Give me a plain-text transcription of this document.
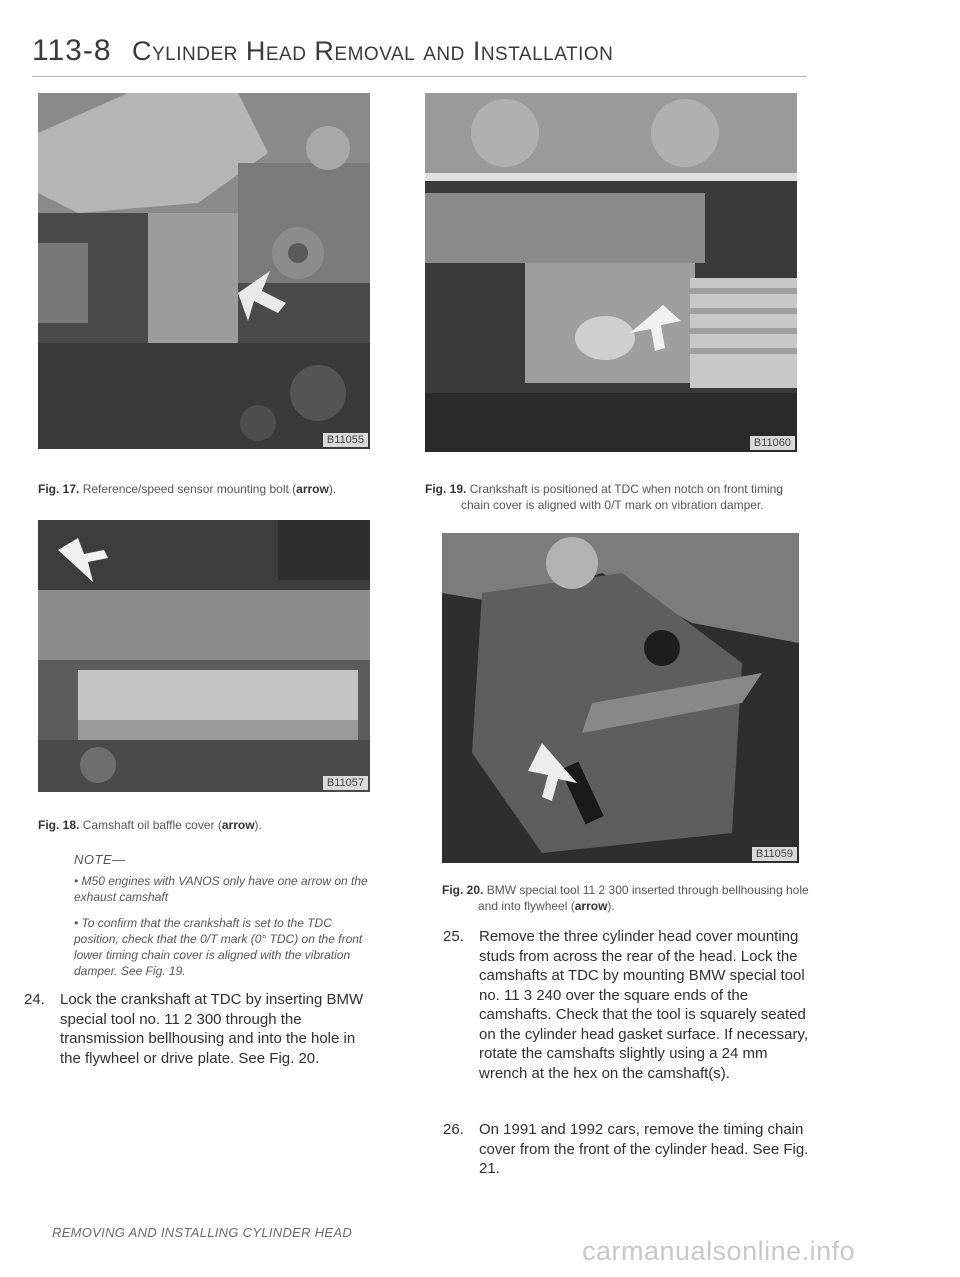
113-8 Cylinder Head Removal and Installation
B11055
Fig. 17. Reference/speed sensor mounting bolt (arrow).
B11057
Fig. 18. Camshaft oil baffle cover (arrow).
NOTE—
• M50 engines with VANOS only have one arrow on the exhaust camshaft
• To confirm that the crankshaft is set to the TDC position, check that the 0/T mark (0° TDC) on the front lower timing chain cover is aligned with the vibration damper. See Fig. 19.
24. Lock the crankshaft at TDC by inserting BMW special tool no. 11 2 300 through the transmission bellhousing and into the hole in the flywheel or drive plate. See Fig. 20.
B11060
Fig. 19. Crankshaft is positioned at TDC when notch on front timing
chain cover is aligned with 0/T mark on vibration damper.
B11059
Fig. 20. BMW special tool 11 2 300 inserted through bellhousing hole
and into flywheel (arrow).
25. Remove the three cylinder head cover mounting studs from across the rear of the head. Lock the camshafts at TDC by mounting BMW special tool no. 11 3 240 over the square ends of the camshafts. Check that the tool is squarely seated on the cylinder head gasket surface. If necessary, rotate the camshafts slightly using a 24 mm wrench at the hex on the camshaft(s).
26. On 1991 and 1992 cars, remove the timing chain cover from the front of the cylinder head. See Fig. 21.
REMOVING AND INSTALLING CYLINDER HEAD
carmanualsonline.info
